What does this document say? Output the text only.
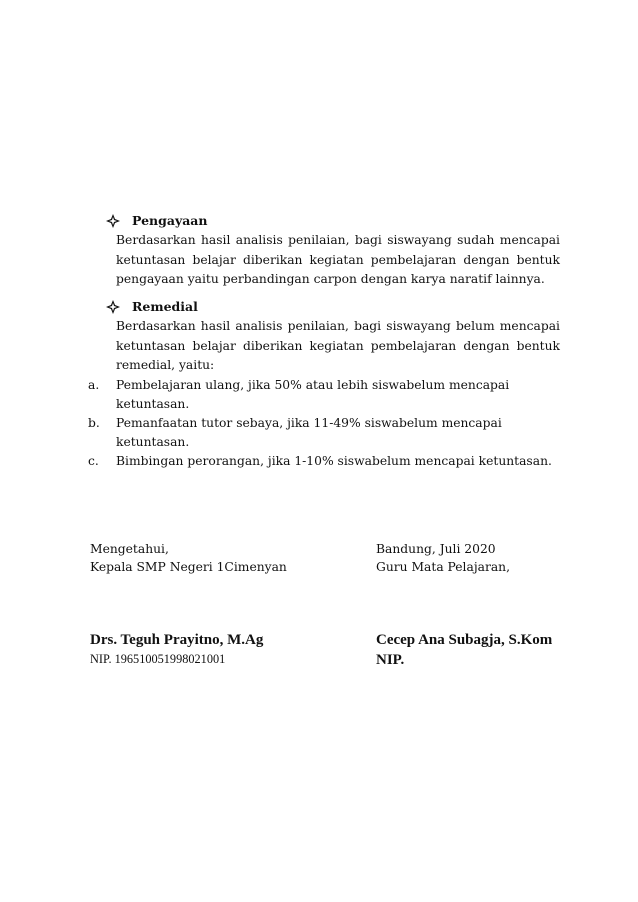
Pengayaan
Berdasarkan hasil analisis penilaian, bagi siswayang sudah mencapai ketuntasan belajar diberikan kegiatan pembelajaran dengan bentuk pengayaan yaitu perbandingan carpon dengan karya naratif lainnya.
Remedial
Berdasarkan hasil analisis penilaian, bagi siswayang belum mencapai ketuntasan belajar diberikan kegiatan pembelajaran dengan bentuk remedial, yaitu:
a.	Pembelajaran ulang, jika 50% atau lebih siswabelum mencapai ketuntasan.
b.	Pemanfaatan tutor sebaya, jika 11-49% siswabelum mencapai ketuntasan.
c.	Bimbingan perorangan, jika 1-10% siswabelum mencapai ketuntasan.
Mengetahui,
Kepala SMP Negeri 1Cimenyan
Bandung, Juli 2020
Guru Mata Pelajaran,
Drs. Teguh Prayitno, M.Ag
NIP. 196510051998021001
Cecep Ana Subagja, S.Kom
NIP.
